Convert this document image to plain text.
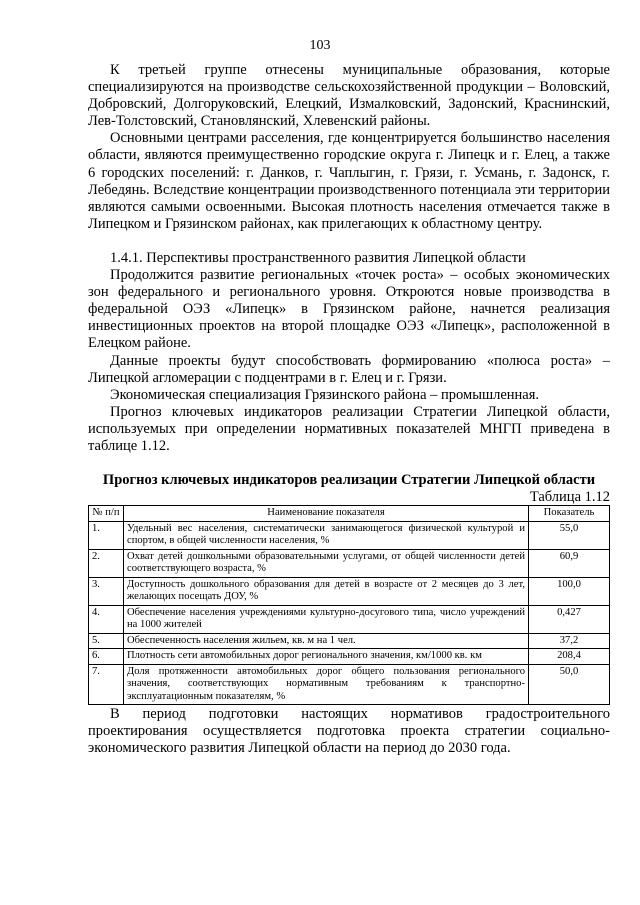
103

К третьей группе отнесены муниципальные образования, которые специализируются на производстве сельскохозяйственной продукции – Воловский, Добровский, Долгоруковский, Елецкий, Измалковский, Задонский, Краснинский, Лев-Толстовский, Становлянский, Хлевенский районы.

Основными центрами расселения, где концентрируется большинство населения области, являются преимущественно городские округа г. Липецк и г. Елец, а также 6 городских поселений: г. Данков, г. Чаплыгин, г. Грязи, г. Усмань, г. Задонск, г. Лебедянь. Вследствие концентрации производственного потенциала эти территории являются самыми освоенными. Высокая плотность населения отмечается также в Липецком и Грязинском районах, как прилегающих к областному центру.

1.4.1. Перспективы пространственного развития Липецкой области

Продолжится развитие региональных «точек роста» – особых экономических зон федерального и регионального уровня. Откроются новые производства в федеральной ОЭЗ «Липецк» в Грязинском районе, начнется реализация инвестиционных проектов на второй площадке ОЭЗ «Липецк», расположенной в Елецком районе.

Данные проекты будут способствовать формированию «полюса роста» – Липецкой агломерации с подцентрами в г. Елец и г. Грязи.

Экономическая специализация Грязинского района – промышленная.

Прогноз ключевых индикаторов реализации Стратегии Липецкой области, используемых при определении нормативных показателей МНГП приведена в таблице 1.12.

Прогноз ключевых индикаторов реализации Стратегии Липецкой области

Таблица 1.12

№ п/п	Наименование показателя	Показатель
1.	Удельный вес населения, систематически занимающегося физической культурой и спортом, в общей численности населения, %	55,0
2.	Охват детей дошкольными образовательными услугами, от общей численности детей соответствующего возраста, %	60,9
3.	Доступность дошкольного образования для детей в возрасте от 2 месяцев до 3 лет, желающих посещать ДОУ, %	100,0
4.	Обеспечение населения учреждениями культурно-досугового типа, число учреждений на 1000 жителей	0,427
5.	Обеспеченность населения жильем, кв. м на 1 чел.	37,2
6.	Плотность сети автомобильных дорог регионального значения, км/1000 кв. км	208,4
7.	Доля протяженности автомобильных дорог общего пользования регионального значения, соответствующих нормативным требованиям к транспортно-эксплуатационным показателям, %	50,0

В период подготовки настоящих нормативов градостроительного проектирования осуществляется подготовка проекта стратегии социально-экономического развития Липецкой области на период до 2030 года.
